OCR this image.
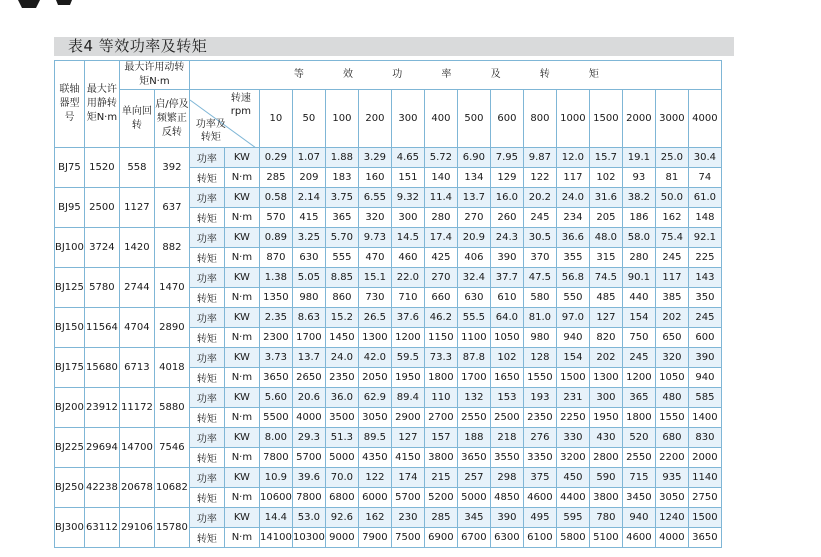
表4 等效功率及转矩
联轴器型号	最大许用静转矩N·m	最大许用动转矩N·m		等 效 功 率 及 转 矩															
		单向回转	启/停及频繁正反转	转速rpm
功率及转矩		10	50	100	200	300	400	500	600	800	1000	1500	2000	3000	4000
BJ75	1520	558	392	功率	KW	0.29	1.07	1.88	3.29	4.65	5.72	6.90	7.95	9.87	12.0	15.7	19.1	25.0	30.4
				转矩	N·m	285	209	183	160	151	140	134	129	122	117	102	93	81	74
BJ95	2500	1127	637	功率	KW	0.58	2.14	3.75	6.55	9.32	11.4	13.7	16.0	20.2	24.0	31.6	38.2	50.0	61.0
				转矩	N·m	570	415	365	320	300	280	270	260	245	234	205	186	162	148
BJ100	3724	1420	882	功率	KW	0.89	3.25	5.70	9.73	14.5	17.4	20.9	24.3	30.5	36.6	48.0	58.0	75.4	92.1
				转矩	N·m	870	630	555	470	460	425	406	390	370	355	315	280	245	225
BJ125	5780	2744	1470	功率	KW	1.38	5.05	8.85	15.1	22.0	270	32.4	37.7	47.5	56.8	74.5	90.1	117	143
				转矩	N·m	1350	980	860	730	710	660	630	610	580	550	485	440	385	350
BJ150	11564	4704	2890	功率	KW	2.35	8.63	15.2	26.5	37.6	46.2	55.5	64.0	81.0	97.0	127	154	202	245
				转矩	N·m	2300	1700	1450	1300	1200	1150	1100	1050	980	940	820	750	650	600
BJ175	15680	6713	4018	功率	KW	3.73	13.7	24.0	42.0	59.5	73.3	87.8	102	128	154	202	245	320	390
				转矩	N·m	3650	2650	2350	2050	1950	1800	1700	1650	1550	1500	1300	1200	1050	940
BJ200	23912	11172	5880	功率	KW	5.60	20.6	36.0	62.9	89.4	110	132	153	193	231	300	365	480	585
				转矩	N·m	5500	4000	3500	3050	2900	2700	2550	2500	2350	2250	1950	1800	1550	1400
BJ225	29694	14700	7546	功率	KW	8.00	29.3	51.3	89.5	127	157	188	218	276	330	430	520	680	830
				转矩	N·m	7800	5700	5000	4350	4150	3800	3650	3550	3350	3200	2800	2550	2200	2000
BJ250	42238	20678	10682	功率	KW	10.9	39.6	70.0	122	174	215	257	298	375	450	590	715	935	1140
				转矩	N·m	10600	7800	6800	6000	5700	5200	5000	4850	4600	4400	3800	3450	3050	2750
BJ300	63112	29106	15780	功率	KW	14.4	53.0	92.6	162	230	285	345	390	495	595	780	940	1240	1500
				转矩	N·m	14100	10300	9000	7900	7500	6900	6700	6300	6100	5800	5100	4600	4000	3650
